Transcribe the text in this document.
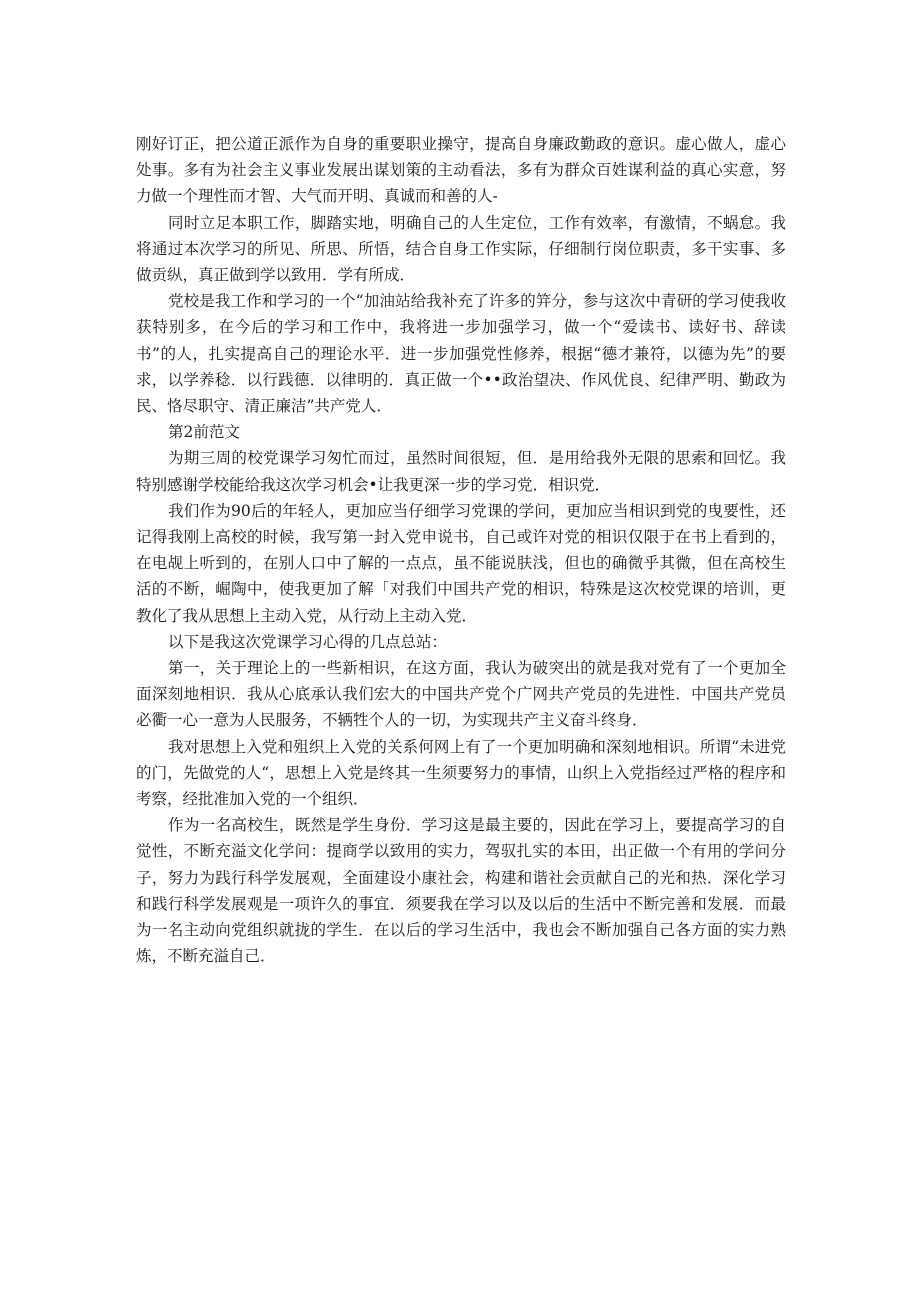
刚好订正，把公道正派作为自身的重要职业操守，提高自身廉政勤政的意识。虚心做人，虚心处事。多有为社会主义事业发展出谋划策的主动看法，多有为群众百姓谋利益的真心实意，努力做一个理性而才智、大气而开明、真诚而和善的人-

同时立足本职工作，脚踏实地，明确自己的人生定位，工作有效率，有激情，不蜗怠。我将通过本次学习的所见、所思、所悟，结合自身工作实际，仔细制行岗位职责，多干实事、多做贡纵，真正做到学以致用．学有所成．

党校是我工作和学习的一个“加油站给我补充了许多的笄分，参与这次中青研的学习使我收获特别多，在今后的学习和工作中，我将进一步加强学习，做一个“爱读书、读好书、辞读书”的人，扎实提高自己的理论水平．进一步加强党性修养，根据“德才兼符，以德为先”的要求，以学养稔．以行践德．以律明的．真正做一个••政治望决、作风优良、纪律严明、勤政为民、恪尽职守、清正廉洁”共产党人．

第2前范文

为期三周的校党课学习匆忙而过，虽然时间很短，但．是用给我外无限的思索和回忆。我特别感谢学校能给我这次学习机会•让我更深一步的学习党．相识党．

我们作为90后的年轻人，更加应当仔细学习党课的学问，更加应当相识到党的曳要性，还记得我刚上高校的时候，我写第一封入党申说书，自己或许对党的相识仅限于在书上看到的，在电觇上听到的，在别人口中了解的一点点，虽不能说肤浅，但也的确微乎其微，但在高校生活的不断，崛陶中，使我更加了解「对我们中国共产党的相识，特殊是这次校党课的培训，更教化了我从思想上主动入党，从行动上主动入党．

以下是我这次党课学习心得的几点总站：

第一，关于理论上的一些新相识，在这方面，我认为破突出的就是我对党有了一个更加全面深刻地相识．我从心底承认我们宏大的中国共产党个广网共产党员的先进性．中国共产党员必衢一心一意为人民服务，不辆牲个人的一切，为实现共产主义奋斗终身．

我对思想上入党和殂织上入党的关系何网上有了一个更加明确和深刻地相识。所谓“未进党的门，先做党的人“，思想上入党是终其一生须要努力的事情，山织上入党指经过严格的程序和考察，经批准加入党的一个组织．

作为一名高校生，既然是学生身份．学习这是最主要的，因此在学习上，要提高学习的自觉性，不断充溢文化学问：提商学以致用的实力，驾驭扎实的本田，出正做一个有用的学问分子，努力为践行科学发展观，全面建设小康社会，构建和谐社会贡献自己的光和热．深化学习和践行科学发展观是一项许久的事宜．须要我在学习以及以后的生活中不断完善和发展．而最为一名主动向党组织就拢的学生．在以后的学习生活中，我也会不断加强自己各方面的实力熟炼，不断充溢自己．
